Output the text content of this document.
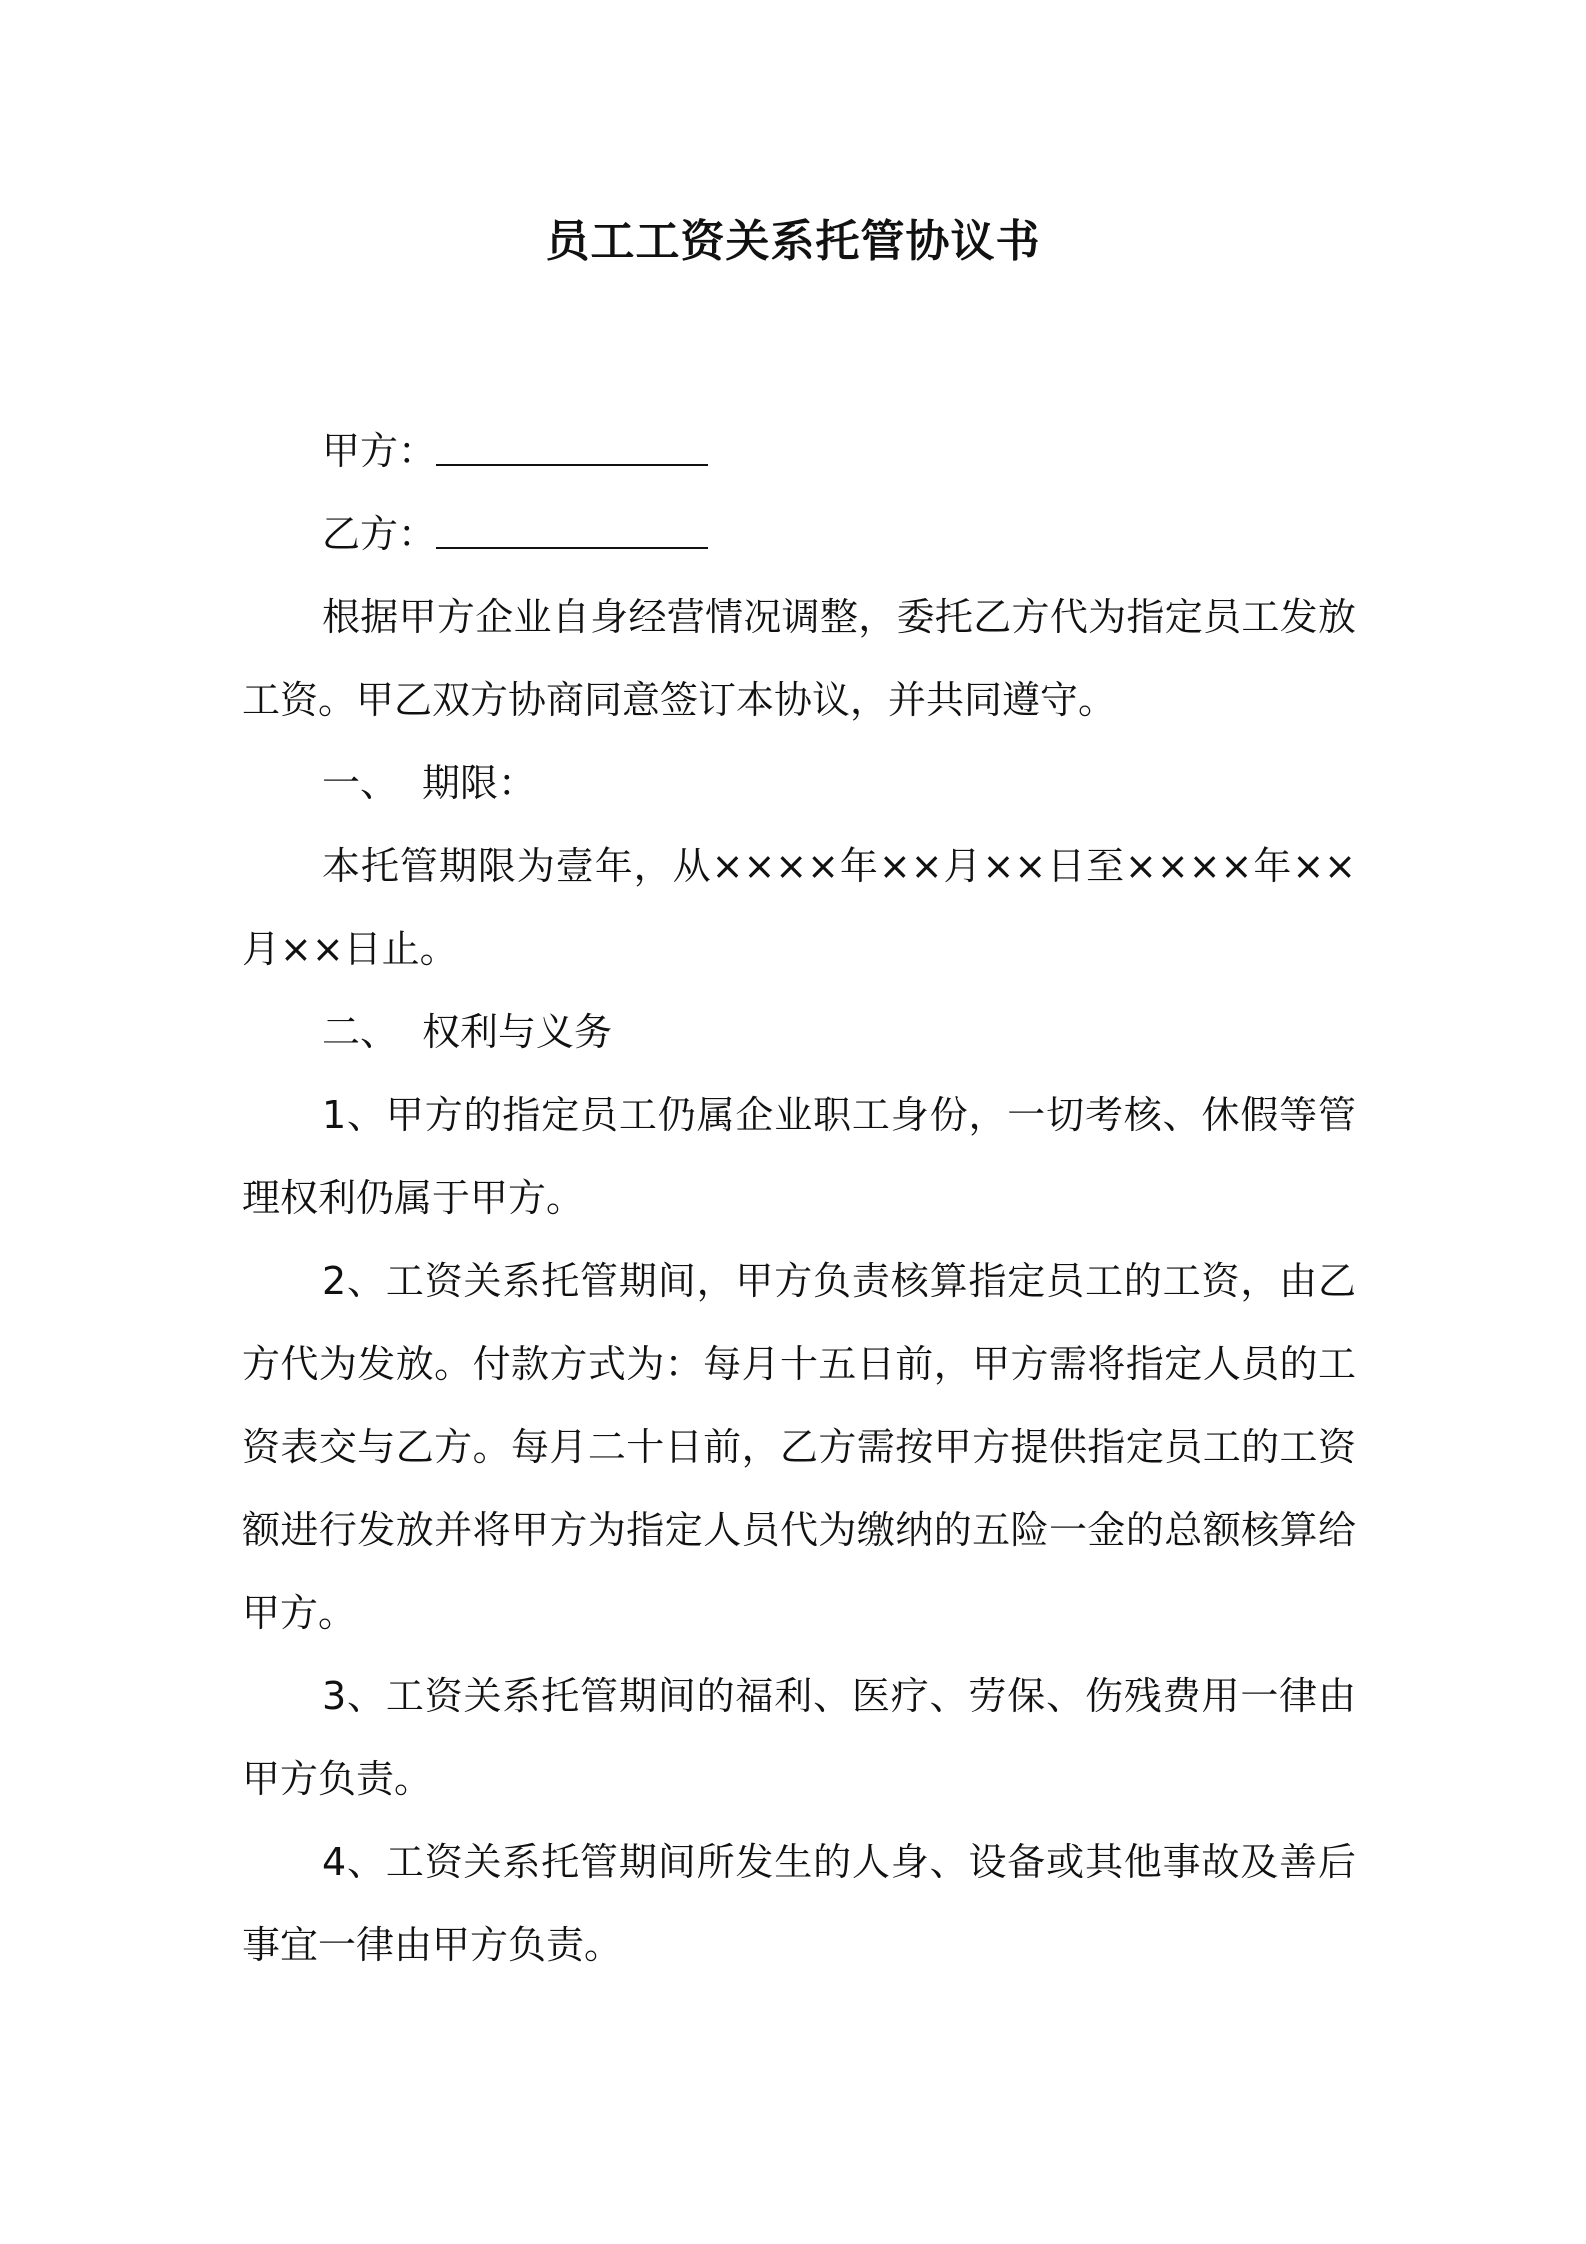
员工工资关系托管协议书

甲方：

乙方：

根据甲方企业自身经营情况调整，委托乙方代为指定员工发放工资。甲乙双方协商同意签订本协议，并共同遵守。

一、 期限：

本托管期限为壹年，从××××年××月××日至××××年××月××日止。

二、 权利与义务

1、甲方的指定员工仍属企业职工身份，一切考核、休假等管理权利仍属于甲方。

2、工资关系托管期间，甲方负责核算指定员工的工资，由乙方代为发放。付款方式为：每月十五日前，甲方需将指定人员的工资表交与乙方。每月二十日前，乙方需按甲方提供指定员工的工资额进行发放并将甲方为指定人员代为缴纳的五险一金的总额核算给甲方。

3、工资关系托管期间的福利、医疗、劳保、伤残费用一律由甲方负责。

4、工资关系托管期间所发生的人身、设备或其他事故及善后事宜一律由甲方负责。
